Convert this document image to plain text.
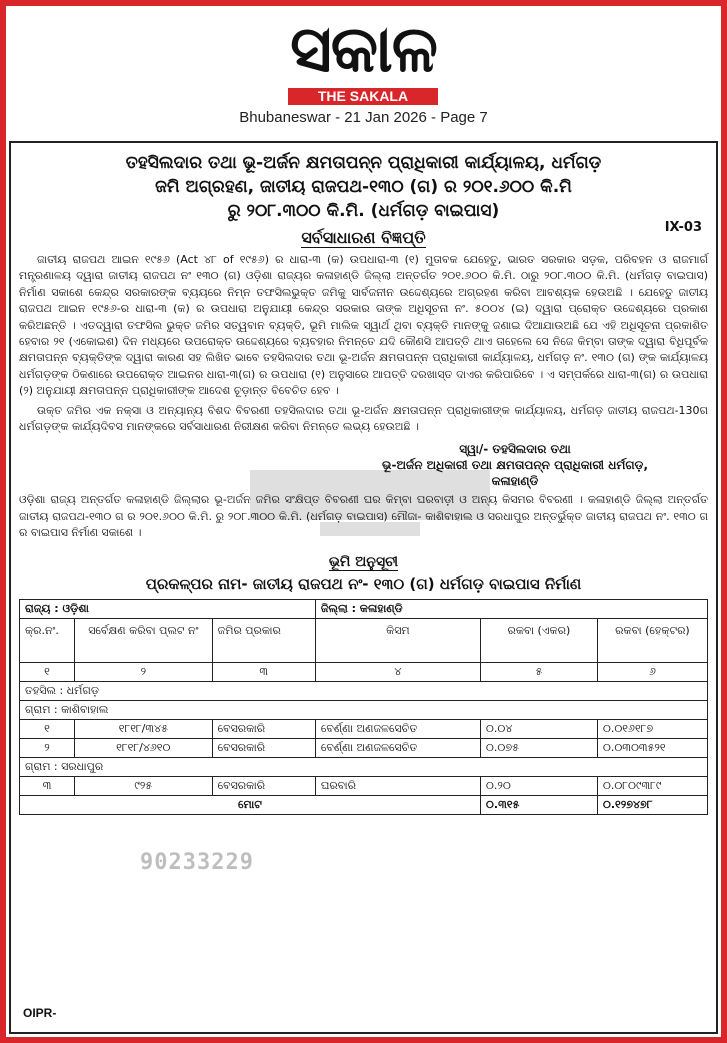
ସକାଳ
THE SAKALA
Bhubaneswar - 21 Jan 2026 - Page 7
ତହସିଲଦାର ତଥା ଭୂ-ଅର୍ଜନ କ୍ଷମତାପନ୍ନ ପ୍ରାଧିକାରୀ କାର୍ଯ୍ୟାଳୟ, ଧର୍ମଗଡ଼
ଜମି ଅଗ୍ରହଣ, ଜାତୀୟ ରାଜପଥ-୧୩୦ (ଗ) ର ୨୦୧.୬୦୦ କି.ମି
ରୁ ୨୦୮.୩୦୦ କି.ମି. (ଧର୍ମଗଡ଼ ବାଇପାସ)
IX-03
ସର୍ବସାଧାରଣ ବିଜ୍ଞପ୍ତି
ଜାତୀୟ ରାଜପଥ ଆଇନ ୧୯୫୬ (Act ୪୮ of ୧୯୫୬) ର ଧାରା-୩ (କ) ଉପଧାରା-୩ (୧) ମୁତାବକ ଯେହେତୁ, ଭାରତ ସରକାର ସଡ଼କ, ପରିବହନ ଓ ରାଜମାର୍ଗ ମନ୍ତ୍ରଣାଳୟ ଦ୍ୱାରା ଜାତୀୟ ରାଜପଥ ନଂ ୧୩୦ (ଗ) ଓଡ଼ିଶା ରାଜ୍ୟର କଳାହାଣ୍ଡି ଜିଲ୍ଲା ଅନ୍ତର୍ଗତ ୨୦୧.୬୦୦ କି.ମି. ଠାରୁ ୨୦୮.୩୦୦ କି.ମି. (ଧର୍ମଗଡ଼ ବାଇପାସ) ନିର୍ମାଣ ସକାଶେ କେନ୍ଦ୍ର ସରକାରଙ୍କ ବ୍ୟୟରେ ନିମ୍ନ ତଫସିଲଭୁକ୍ତ ଜମିକୁ ସାର୍ବଜନୀନ ଉଦ୍ଦେଶ୍ୟରେ ଅଗ୍ରହଣ କରିବା ଆବଶ୍ୟକ ହେଉଅଛି । ଯେହେତୁ ଜାତୀୟ ରାଜପଥ ଆଇନ ୧୯୫୬-ର ଧାରା-୩ (କ) ର ଉପଧାରା ଅନୁଯାୟୀ କେନ୍ଦ୍ର ସରକାର ତାଙ୍କ ଅଧିସୂଚନା ନଂ. ୫୦୦୪ (ଇ) ଦ୍ୱାରା ପ୍ରୋକ୍ତ ଉଦ୍ଦେଶ୍ୟରେ ପ୍ରକାଶ କରିଅଛନ୍ତି । ଏତଦ୍ୱାରା ତଫସିଲ ଭୁକ୍ତ ଜମିର ସତ୍ୱବାନ ବ୍ୟକ୍ତି, ଭୂମି ମାଲିକ ସ୍ୱାର୍ଥ ଥିବା ବ୍ୟକ୍ତି ମାନଙ୍କୁ ଜଣାଇ ଦିଆଯାଉଅଛି ଯେ ଏହି ଅଧିସୂଚନା ପ୍ରକାଶିତ ହେବାର ୨୧ (ଏକୋଇଶ) ଦିନ ମଧ୍ୟରେ ଉପରୋକ୍ତ ଉଦ୍ଦେଶ୍ୟରେ ବ୍ୟବହାର ନିମନ୍ତେ ଯଦି କୌଣସି ଆପତ୍ତି ଥାଏ ତାହେଲେ ସେ ନିଜେ କିମ୍ବା ତାଙ୍କ ଦ୍ୱାରା ବିଧିପୂର୍ବକ କ୍ଷମତାପନ୍ନ ବ୍ୟକ୍ତିଙ୍କ ଦ୍ୱାରା କାରଣ ସହ ଲିଖିତ ଭାବେ ତହସିଲଦାର ତଥା ଭୂ-ଅର୍ଜନ କ୍ଷମତାପନ୍ନ ପ୍ରାଧିକାରୀ କାର୍ଯ୍ୟାଳୟ, ଧର୍ମଗଡ଼ ନଂ. ୧୩୦ (ଗ) ଙ୍କ କାର୍ଯ୍ୟାଳୟ ଧର୍ମଗଡ଼ଙ୍କ ଠିକଣାରେ ଉପରୋକ୍ତ ଆଇନର ଧାରା-୩(ଗ) ର ଉପଧାରା (୧) ଅନୁସାରେ ଆପତ୍ତି ଦରଖାସ୍ତ ଦାଏର କରିପାରିବେ । ଏ ସମ୍ପର୍କରେ ଧାରା-୩(ଗ) ର ଉପଧାରା (୨) ଅନୁଯାୟୀ କ୍ଷମତାପନ୍ନ ପ୍ରାଧିକାରୀଙ୍କ ଆଦେଶ ଚୂଡ଼ାନ୍ତ ବିବେଚିତ ହେବ ।
ଉକ୍ତ ଜମିର ଏକ ନକ୍ସା ଓ ଅନ୍ୟାନ୍ୟ ବିଶଦ ବିବରଣୀ ତହସିଲଦାର ତଥା ଭୂ-ଅର୍ଜନ କ୍ଷମତାପନ୍ନ ପ୍ରାଧିକାରୀଙ୍କ କାର୍ଯ୍ୟାଳୟ, ଧର୍ମଗଡ଼ ଜାତୀୟ ରାଜପଥ-130ଗ ଧର୍ମଗଡ଼ଙ୍କ କାର୍ଯ୍ୟଦିବସ ମାନଙ୍କରେ ସର୍ବସାଧାରଣ ନିରୀକ୍ଷଣ କରିବା ନିମନ୍ତେ ଲଭ୍ୟ ହେଉଅଛି ।
ସ୍ୱା/- ତହସିଲଦାର ତଥା
ଭୂ-ଅର୍ଜନ ଅଧିକାରୀ ତଥା କ୍ଷମତାପନ୍ନ ପ୍ରାଧିକାରୀ ଧର୍ମଗଡ଼,
କଳାହାଣ୍ଡି
ଓଡ଼ିଶା ରାଜ୍ୟ ଅନ୍ତର୍ଗତ କଳାହାଣ୍ଡି ଜିଲ୍ଲାର ଭୂ-ଅର୍ଜନ ଜମିର ସଂକ୍ଷିପ୍ତ ବିବରଣୀ ଘର କିମ୍ବା ଘରବାଡ଼ୀ ଓ ଅନ୍ୟ କିସମର ବିବରଣୀ । କଳାହାଣ୍ଡି ଜିଲ୍ଲା ଅନ୍ତର୍ଗତ ଜାତୀୟ ରାଜପଥ-୧୩୦ ଗ ର ୨୦୧.୬୦୦ କି.ମି. ରୁ ୨୦୮.୩୦୦ କି.ମି. (ଧର୍ମଗଡ଼ ବାଇପାସ) ମୌଜା- କାଶିବାହାଲ ଓ ସରଧାପୁର ଅନ୍ତର୍ଭୁକ୍ତ ଜାତୀୟ ରାଜପଥ ନଂ. ୧୩୦ ଗ ର ବାଇପାସ ନିର୍ମାଣ ସକାଶେ ।
ଭୂମି ଅନୁସୂଚୀ
ପ୍ରକଳ୍ପର ନାମ- ଜାତୀୟ ରାଜପଥ ନଂ- ୧୩୦ (ଗ) ଧର୍ମଗଡ଼ ବାଇପାସ ନିର୍ମାଣ
ରାଜ୍ୟ : ଓଡ଼ିଶା			ଜିଲ୍ଲା : କଳାହାଣ୍ଡି		
କ୍ର.ନଂ.	ସର୍ବେକ୍ଷଣ କରିବା ପ୍ଲଟ ନଂ	ଜମିର ପ୍ରକାର	କିସମ	ରକବା (ଏକର)	ରକବା (ହେକ୍ଟର)
୧	୨	୩	୪	୫	୬
ତହସିଲ : ଧର୍ମଗଡ଼					
ଗ୍ରାମ : କାଶିବାହାଲ					
୧	୧୮୧୮/୩୪୫	ବେସରକାରି	ବେର୍ଣ୍ଣା ଅଣଜଳସେଚିତ	୦.୦୪	୦.୦୧୬୧୮୭
୨	୧୮୧୮/୪୬୧୦	ବେସରକାରି	ବେର୍ଣ୍ଣା ଅଣଜଳସେଚିତ	୦.୦୭୫	୦.୦୩୦୩୫୨୧
ଗ୍ରାମ : ସରଧାପୁର					
୩	୯୨୫	ବେସରକାରି	ଘରବାରି	୦.୨୦	୦.୦୮୦୯୩୮୯
ମୋଟ				୦.୩୧୫	୦.୧୨୭୪୭୮
OIPR-
90233229
